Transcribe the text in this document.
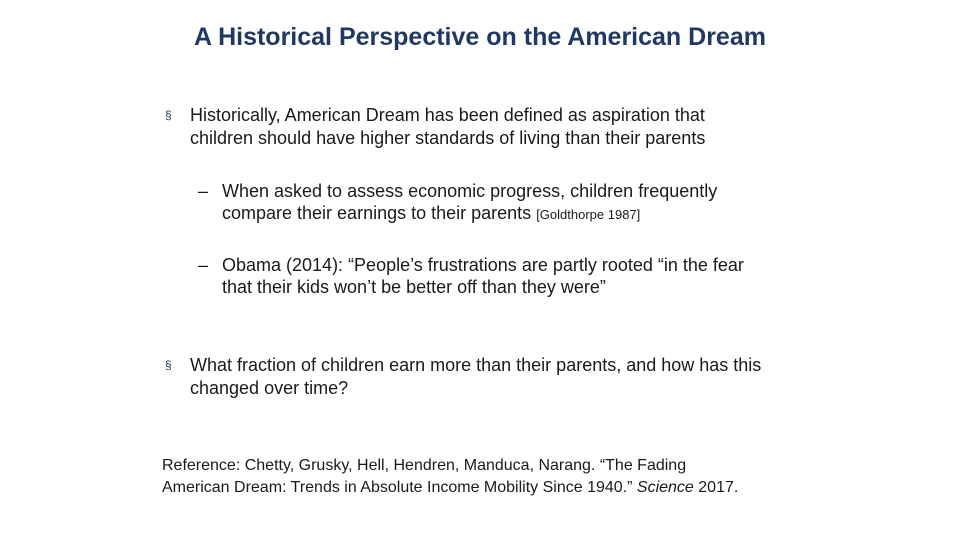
A Historical Perspective on the American Dream
§	Historically, American Dream has been defined as aspiration that
children should have higher standards of living than their parents
– When asked to assess economic progress, children frequently
compare their earnings to their parents [Goldthorpe 1987]
– Obama (2014): “People’s frustrations are partly rooted “in the fear
that their kids won’t be better off than they were”
§	What fraction of children earn more than their parents, and how has this
changed over time?
Reference: Chetty, Grusky, Hell, Hendren, Manduca, Narang. “The Fading
American Dream: Trends in Absolute Income Mobility Since 1940.” Science 2017.
